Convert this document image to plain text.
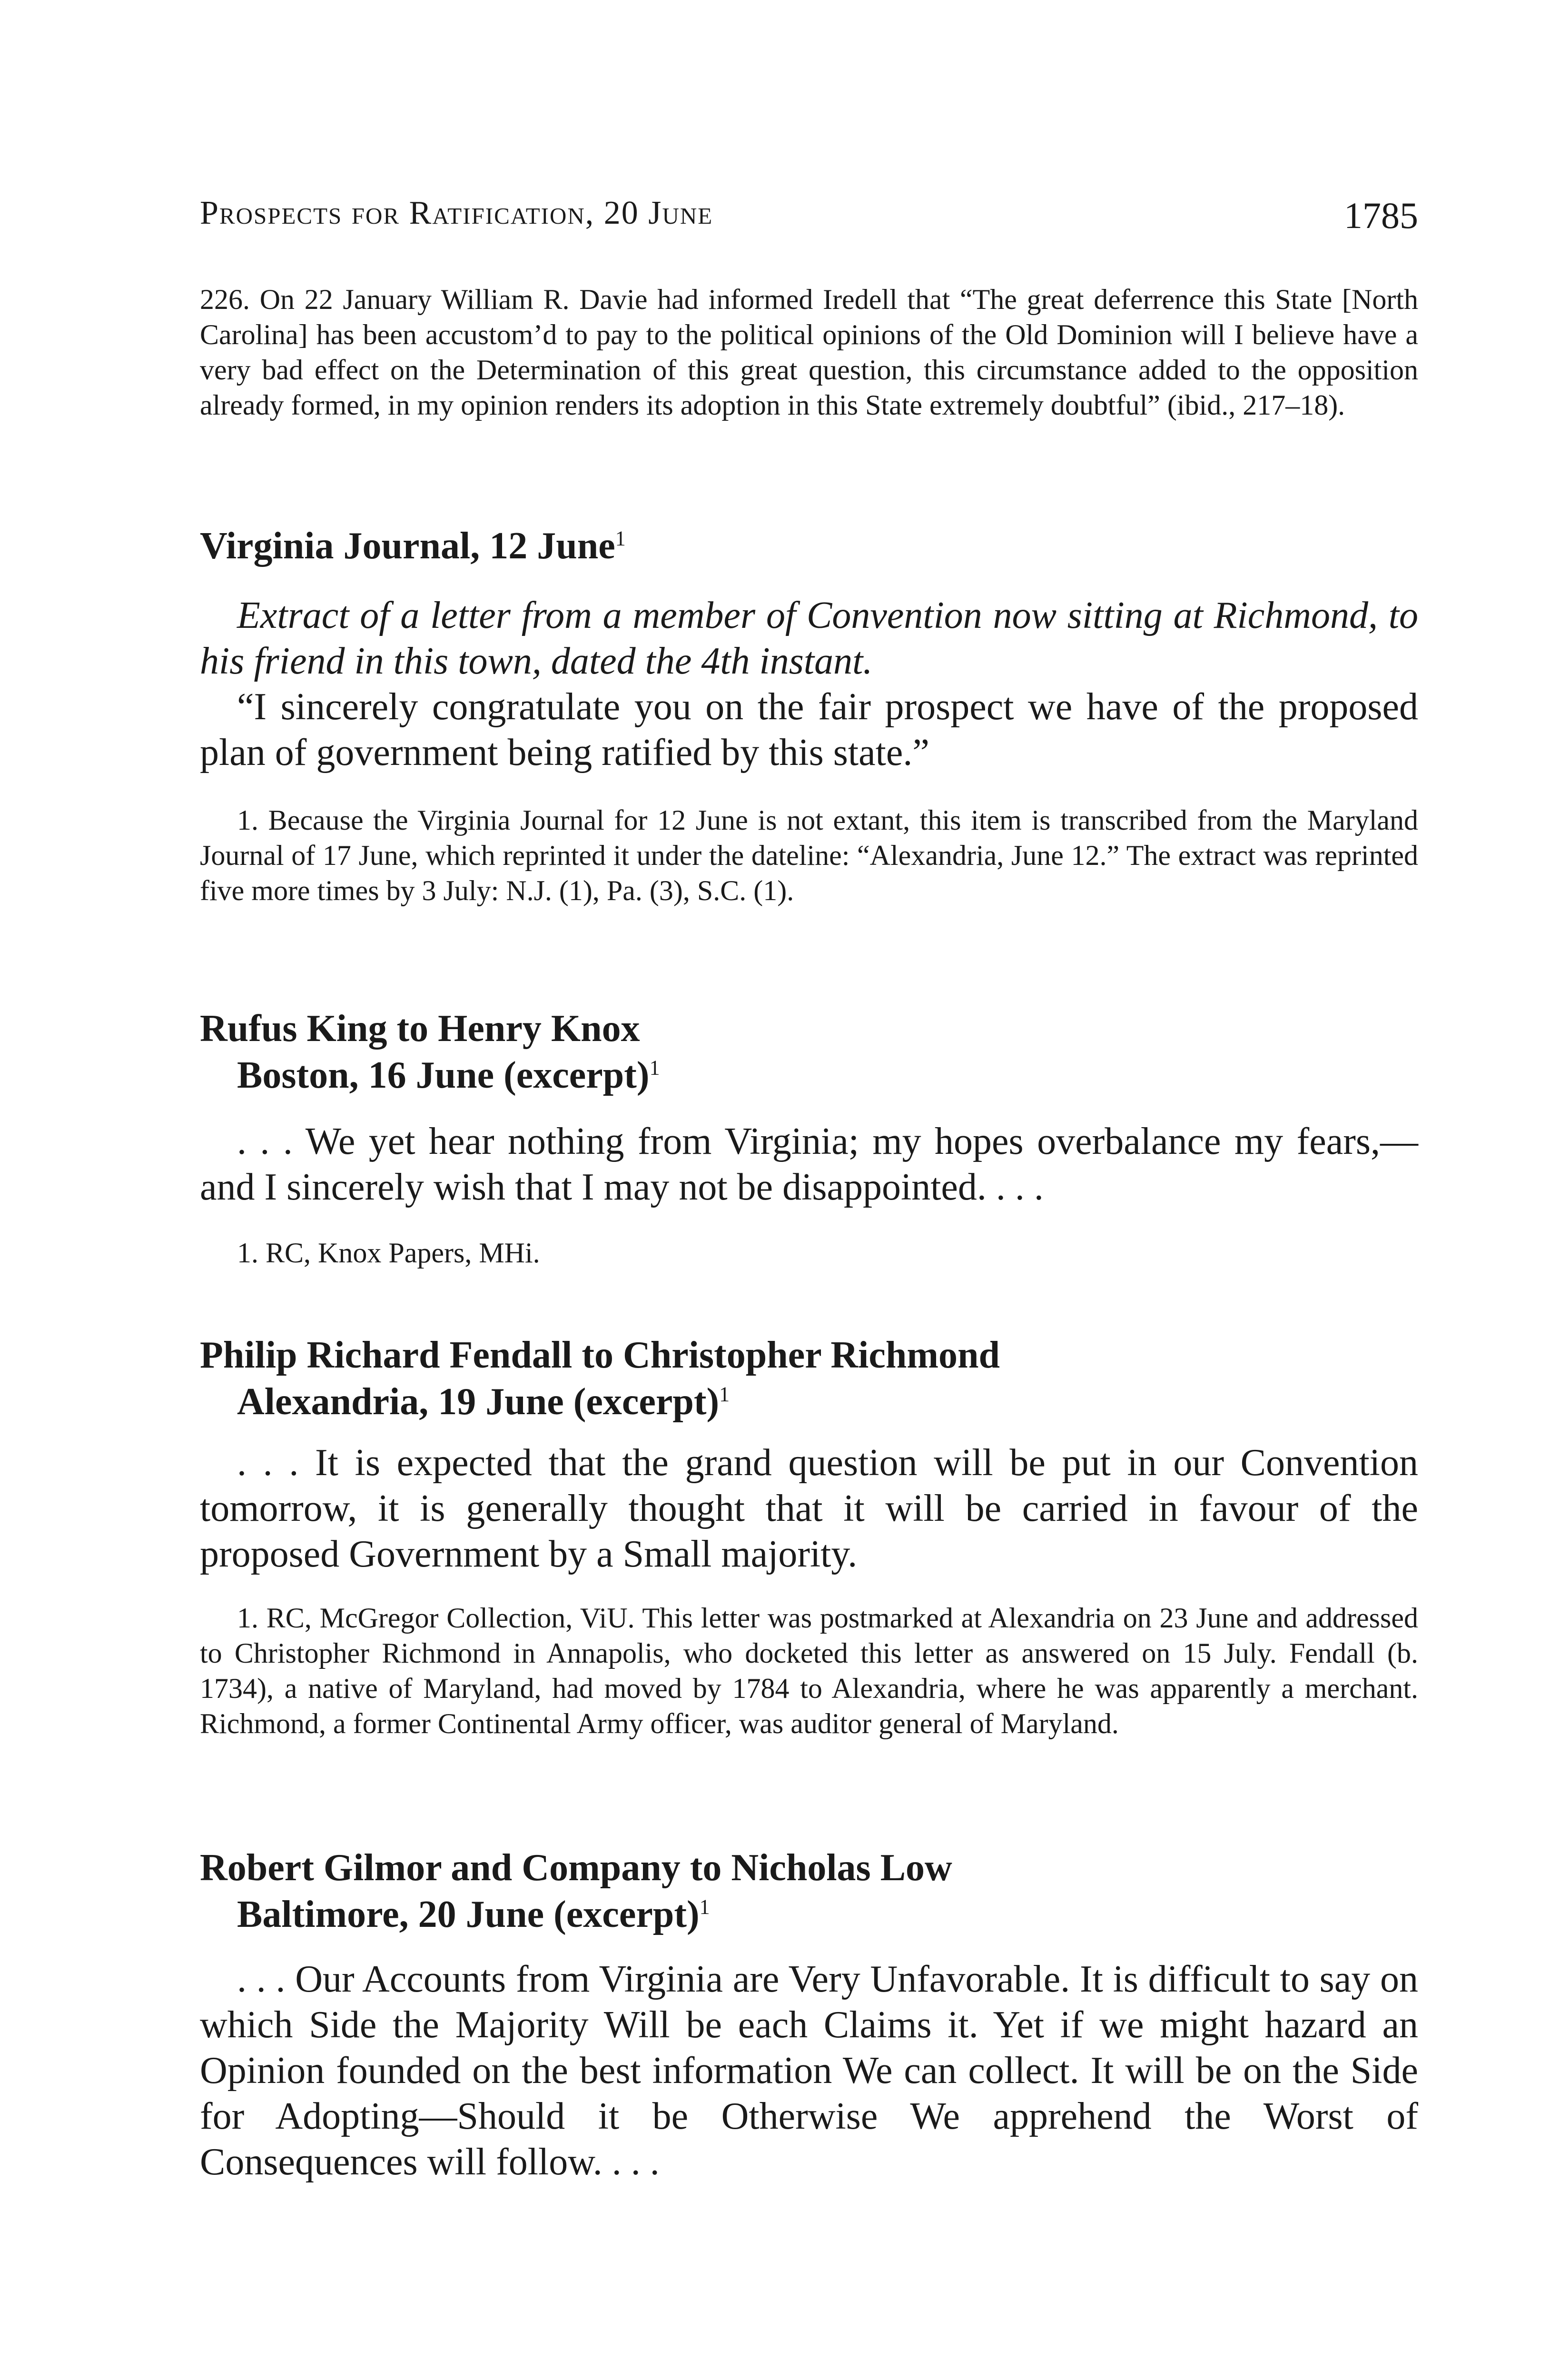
Prospects for Ratification, 20 June	1785

226. On 22 January William R. Davie had informed Iredell that “The great deferrence this State [North Carolina] has been accustom’d to pay to the political opinions of the Old Dominion will I believe have a very bad effect on the Determination of this great question, this circumstance added to the opposition already formed, in my opinion renders its adoption in this State extremely doubtful” (ibid., 217–18).

Virginia Journal, 12 June$^1$

Extract of a letter from a member of Convention now sitting at Richmond, to his friend in this town, dated the 4th instant.

“I sincerely congratulate you on the fair prospect we have of the proposed plan of government being ratified by this state.”

1. Because the Virginia Journal for 12 June is not extant, this item is transcribed from the Maryland Journal of 17 June, which reprinted it under the dateline: “Alexandria, June 12.” The extract was reprinted five more times by 3 July: N.J. (1), Pa. (3), S.C. (1).

Rufus King to Henry Knox
Boston, 16 June (excerpt)$^1$

. . . We yet hear nothing from Virginia; my hopes overbalance my fears,—and I sincerely wish that I may not be disappointed. . . .

1. RC, Knox Papers, MHi.

Philip Richard Fendall to Christopher Richmond
Alexandria, 19 June (excerpt)$^1$

. . . It is expected that the grand question will be put in our Convention tomorrow, it is generally thought that it will be carried in favour of the proposed Government by a Small majority.

1. RC, McGregor Collection, ViU. This letter was postmarked at Alexandria on 23 June and addressed to Christopher Richmond in Annapolis, who docketed this letter as answered on 15 July. Fendall (b. 1734), a native of Maryland, had moved by 1784 to Alexandria, where he was apparently a merchant. Richmond, a former Continental Army officer, was auditor general of Maryland.

Robert Gilmor and Company to Nicholas Low
Baltimore, 20 June (excerpt)$^1$

. . . Our Accounts from Virginia are Very Unfavorable. It is difficult to say on which Side the Majority Will be each Claims it. Yet if we might hazard an Opinion founded on the best information We can collect. It will be on the Side for Adopting—Should it be Otherwise We apprehend the Worst of Consequences will follow. . . .
